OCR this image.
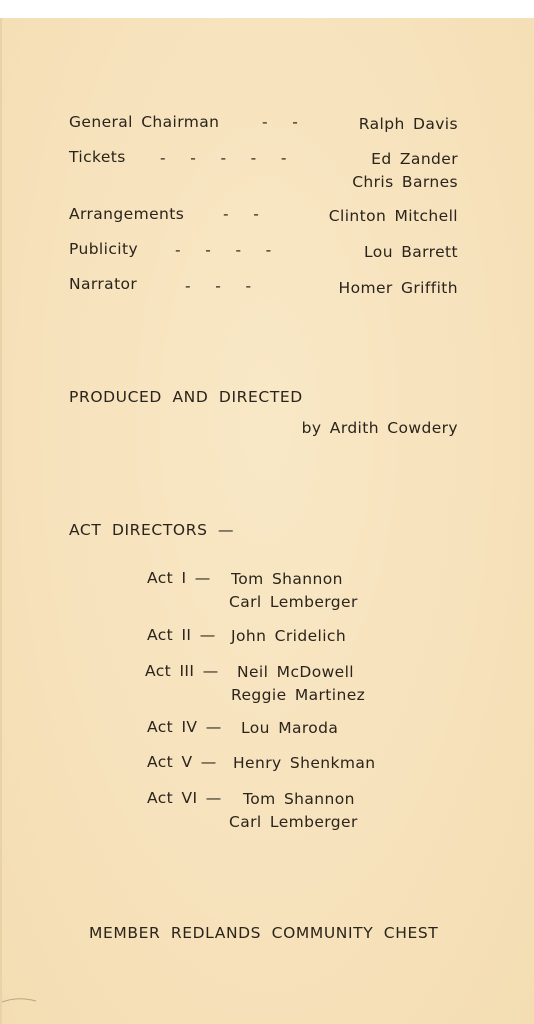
General Chairman	-     -	Ralph Davis
Tickets -     -     -     -     -	Ed Zander
Chris Barnes
Arrangements	-     -	Clinton Mitchell
Publicity -     -     -     -	Lou Barrett
Narrator	-     -     -	Homer Griffith
PRODUCED AND DIRECTED
by Ardith Cowdery
ACT DIRECTORS —
Act I — Tom Shannon
Carl Lemberger
Act II — John Cridelich
Act III — Neil McDowell
Reggie Martinez
Act IV — Lou Maroda
Act V — Henry Shenkman
Act VI — Tom Shannon
Carl Lemberger
MEMBER REDLANDS COMMUNITY CHEST
